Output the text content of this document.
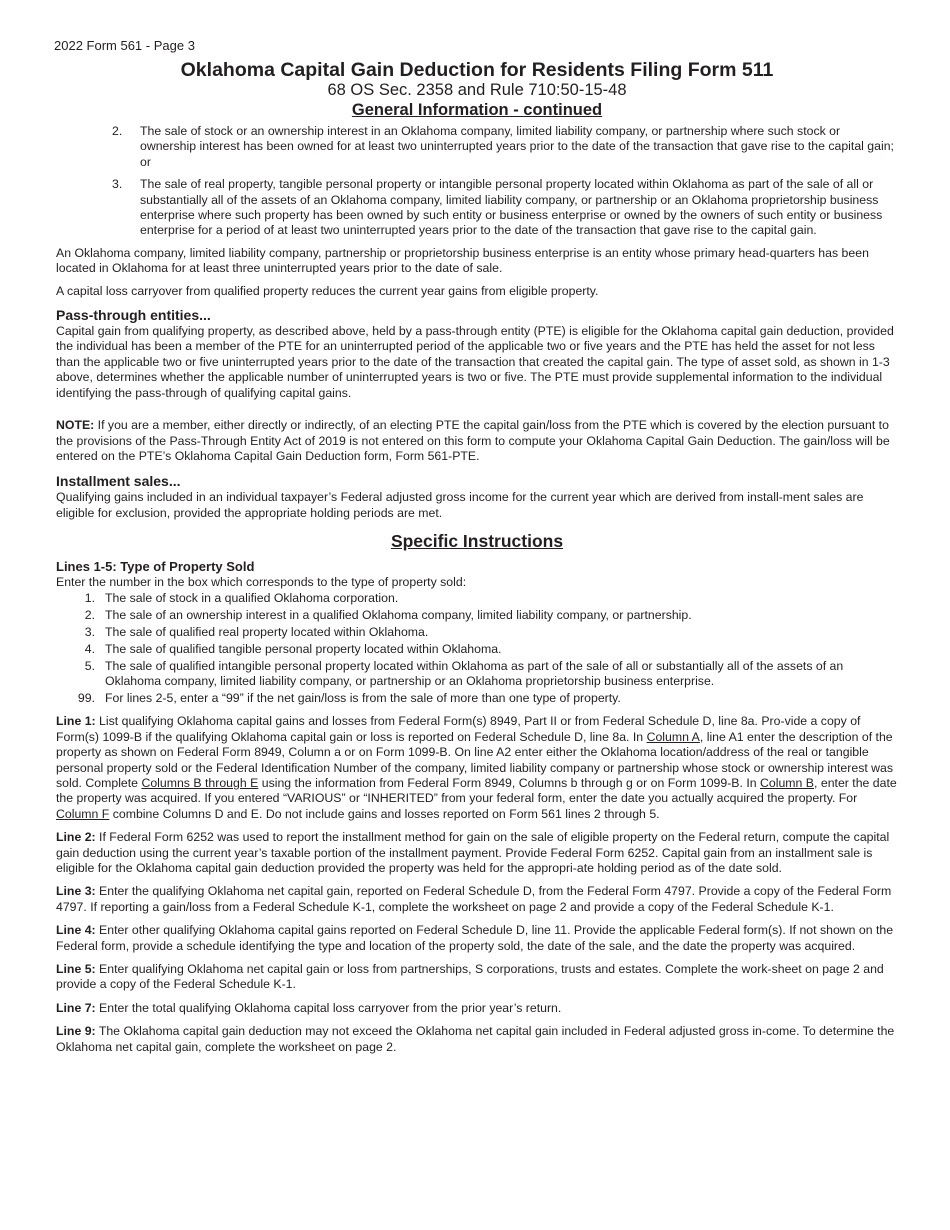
2022 Form 561 - Page 3
Oklahoma Capital Gain Deduction for Residents Filing Form 511
68 OS Sec. 2358 and Rule 710:50-15-48
General Information - continued
2. The sale of stock or an ownership interest in an Oklahoma company, limited liability company, or partnership where such stock or ownership interest has been owned for at least two uninterrupted years prior to the date of the transaction that gave rise to the capital gain; or
3. The sale of real property, tangible personal property or intangible personal property located within Oklahoma as part of the sale of all or substantially all of the assets of an Oklahoma company, limited liability company, or partnership or an Oklahoma proprietorship business enterprise where such property has been owned by such entity or business enterprise or owned by the owners of such entity or business enterprise for a period of at least two uninterrupted years prior to the date of the transaction that gave rise to the capital gain.

An Oklahoma company, limited liability company, partnership or proprietorship business enterprise is an entity whose primary head-quarters has been located in Oklahoma for at least three uninterrupted years prior to the date of sale.

A capital loss carryover from qualified property reduces the current year gains from eligible property.

Pass-through entities...

Capital gain from qualifying property, as described above, held by a pass-through entity (PTE) is eligible for the Oklahoma capital gain deduction, provided the individual has been a member of the PTE for an uninterrupted period of the applicable two or five years and the PTE has held the asset for not less than the applicable two or five uninterrupted years prior to the date of the transaction that created the capital gain. The type of asset sold, as shown in 1-3 above, determines whether the applicable number of uninterrupted years is two or five. The PTE must provide supplemental information to the individual identifying the pass-through of qualifying capital gains.

NOTE: If you are a member, either directly or indirectly, of an electing PTE the capital gain/loss from the PTE which is covered by the election pursuant to the provisions of the Pass-Through Entity Act of 2019 is not entered on this form to compute your Oklahoma Capital Gain Deduction. The gain/loss will be entered on the PTE’s Oklahoma Capital Gain Deduction form, Form 561-PTE.

Installment sales...

Qualifying gains included in an individual taxpayer’s Federal adjusted gross income for the current year which are derived from install-ment sales are eligible for exclusion, provided the appropriate holding periods are met.

Specific Instructions
Lines 1-5: Type of Property Sold
Enter the number in the box which corresponds to the type of property sold:
1. The sale of stock in a qualified Oklahoma corporation.
2. The sale of an ownership interest in a qualified Oklahoma company, limited liability company, or partnership.
3. The sale of qualified real property located within Oklahoma.
4. The sale of qualified tangible personal property located within Oklahoma.
5. The sale of qualified intangible personal property located within Oklahoma as part of the sale of all or substantially all of the assets of an Oklahoma company, limited liability company, or partnership or an Oklahoma proprietorship business enterprise.
99. For lines 2-5, enter a “99” if the net gain/loss is from the sale of more than one type of property.

Line 1: List qualifying Oklahoma capital gains and losses from Federal Form(s) 8949, Part II or from Federal Schedule D, line 8a. Pro-vide a copy of Form(s) 1099-B if the qualifying Oklahoma capital gain or loss is reported on Federal Schedule D, line 8a. In Column A, line A1 enter the description of the property as shown on Federal Form 8949, Column a or on Form 1099-B. On line A2 enter either the Oklahoma location/address of the real or tangible personal property sold or the Federal Identification Number of the company, limited liability company or partnership whose stock or ownership interest was sold. Complete Columns B through E using the information from Federal Form 8949, Columns b through g or on Form 1099-B. In Column B, enter the date the property was acquired. If you entered “VARIOUS” or “INHERITED” from your federal form, enter the date you actually acquired the property. For Column F combine Columns D and E. Do not include gains and losses reported on Form 561 lines 2 through 5.

Line 2: If Federal Form 6252 was used to report the installment method for gain on the sale of eligible property on the Federal return, compute the capital gain deduction using the current year’s taxable portion of the installment payment. Provide Federal Form 6252. Capital gain from an installment sale is eligible for the Oklahoma capital gain deduction provided the property was held for the appropri-ate holding period as of the date sold.

Line 3: Enter the qualifying Oklahoma net capital gain, reported on Federal Schedule D, from the Federal Form 4797. Provide a copy of the Federal Form 4797. If reporting a gain/loss from a Federal Schedule K-1, complete the worksheet on page 2 and provide a copy of the Federal Schedule K-1.

Line 4: Enter other qualifying Oklahoma capital gains reported on Federal Schedule D, line 11. Provide the applicable Federal form(s). If not shown on the Federal form, provide a schedule identifying the type and location of the property sold, the date of the sale, and the date the property was acquired.

Line 5: Enter qualifying Oklahoma net capital gain or loss from partnerships, S corporations, trusts and estates. Complete the work-sheet on page 2 and provide a copy of the Federal Schedule K-1.

Line 7: Enter the total qualifying Oklahoma capital loss carryover from the prior year’s return.

Line 9: The Oklahoma capital gain deduction may not exceed the Oklahoma net capital gain included in Federal adjusted gross in-come. To determine the Oklahoma net capital gain, complete the worksheet on page 2.
